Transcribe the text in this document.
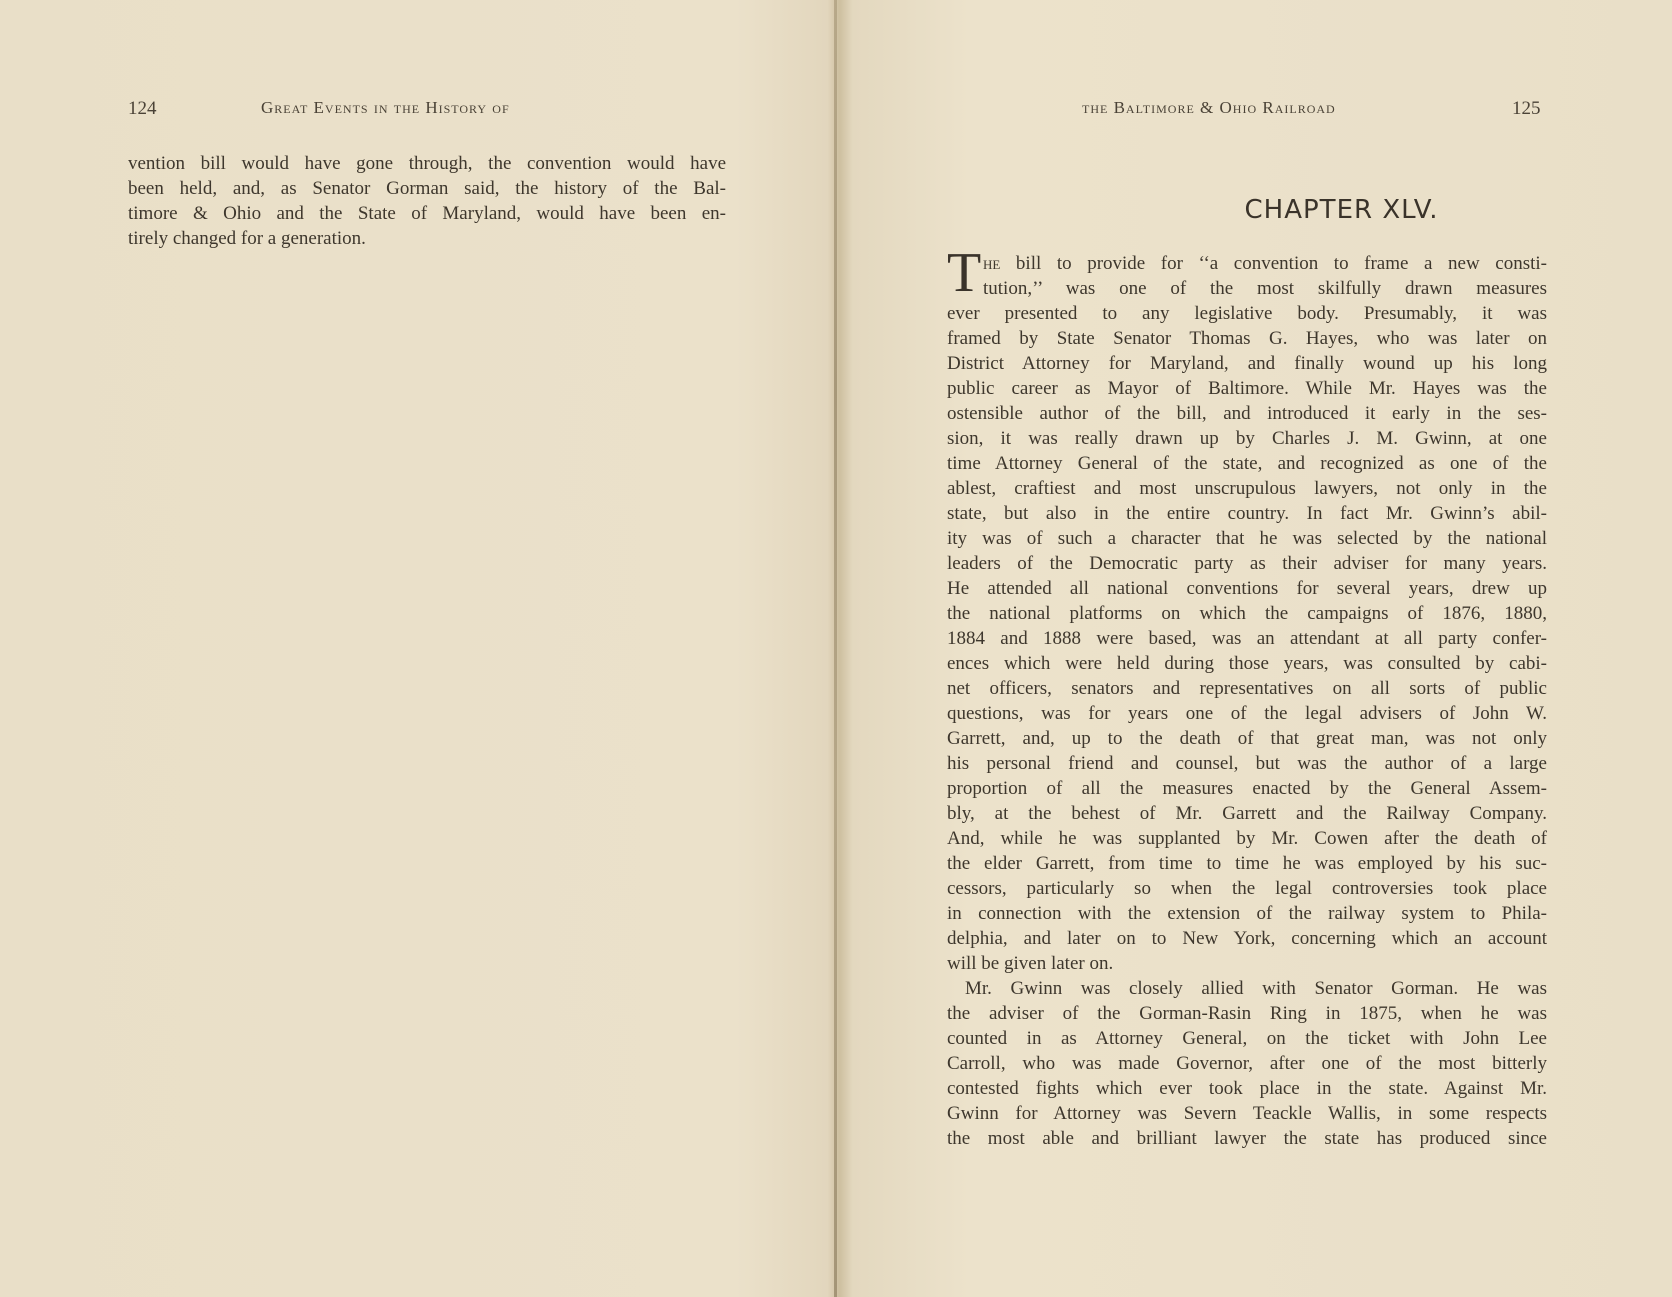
124	Great Events in the History of
vention bill would have gone through, the convention would have
been held, and, as Senator Gorman said, the history of the Bal-
timore & Ohio and the State of Maryland, would have been en-
tirely changed for a generation.
the Baltimore & Ohio Railroad	125
CHAPTER XLV.
T he bill to provide for ‘‘a convention to frame a new consti-
tution,’’ was one of the most skilfully drawn measures
ever presented to any legislative body. Presumably, it was
framed by State Senator Thomas G. Hayes, who was later on
District Attorney for Maryland, and finally wound up his long
public career as Mayor of Baltimore. While Mr. Hayes was the
ostensible author of the bill, and introduced it early in the ses-
sion, it was really drawn up by Charles J. M. Gwinn, at one
time Attorney General of the state, and recognized as one of the
ablest, craftiest and most unscrupulous lawyers, not only in the
state, but also in the entire country. In fact Mr. Gwinn’s abil-
ity was of such a character that he was selected by the national
leaders of the Democratic party as their adviser for many years.
He attended all national conventions for several years, drew up
the national platforms on which the campaigns of 1876, 1880,
1884 and 1888 were based, was an attendant at all party confer-
ences which were held during those years, was consulted by cabi-
net officers, senators and representatives on all sorts of public
questions, was for years one of the legal advisers of John W.
Garrett, and, up to the death of that great man, was not only
his personal friend and counsel, but was the author of a large
proportion of all the measures enacted by the General Assem-
bly, at the behest of Mr. Garrett and the Railway Company.
And, while he was supplanted by Mr. Cowen after the death of
the elder Garrett, from time to time he was employed by his suc-
cessors, particularly so when the legal controversies took place
in connection with the extension of the railway system to Phila-
delphia, and later on to New York, concerning which an account
will be given later on.
Mr. Gwinn was closely allied with Senator Gorman. He was
the adviser of the Gorman-Rasin Ring in 1875, when he was
counted in as Attorney General, on the ticket with John Lee
Carroll, who was made Governor, after one of the most bitterly
contested fights which ever took place in the state. Against Mr.
Gwinn for Attorney was Severn Teackle Wallis, in some respects
the most able and brilliant lawyer the state has produced since
